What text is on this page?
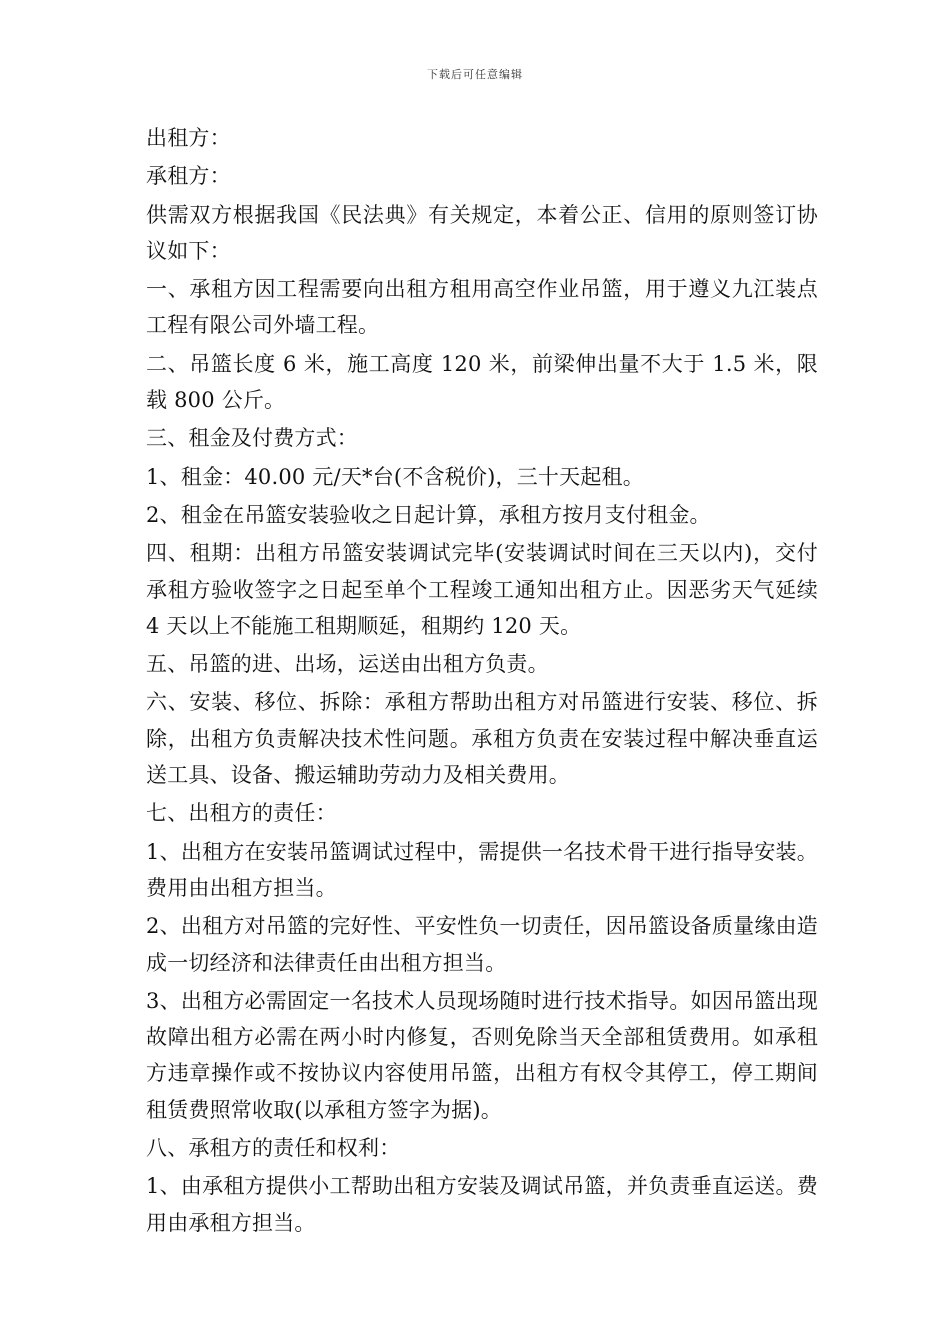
下载后可任意编辑

出租方：

承租方：

供需双方根据我国《民法典》有关规定，本着公正、信用的原则签订协议如下：

一、承租方因工程需要向出租方租用高空作业吊篮，用于遵义九江装点工程有限公司外墙工程。

二、吊篮长度 6 米，施工高度 120 米，前梁伸出量不大于 1.5 米，限载 800 公斤。

三、租金及付费方式：

1、租金：40.00 元/天*台(不含税价)，三十天起租。

2、租金在吊篮安装验收之日起计算，承租方按月支付租金。

四、租期：出租方吊篮安装调试完毕(安装调试时间在三天以内)，交付承租方验收签字之日起至单个工程竣工通知出租方止。因恶劣天气延续 4 天以上不能施工租期顺延，租期约 120 天。

五、吊篮的进、出场，运送由出租方负责。

六、安装、移位、拆除：承租方帮助出租方对吊篮进行安装、移位、拆除，出租方负责解决技术性问题。承租方负责在安装过程中解决垂直运送工具、设备、搬运辅助劳动力及相关费用。

七、出租方的责任：

1、出租方在安装吊篮调试过程中，需提供一名技术骨干进行指导安装。费用由出租方担当。

2、出租方对吊篮的完好性、平安性负一切责任，因吊篮设备质量缘由造成一切经济和法律责任由出租方担当。

3、出租方必需固定一名技术人员现场随时进行技术指导。如因吊篮出现故障出租方必需在两小时内修复，否则免除当天全部租赁费用。如承租方违章操作或不按协议内容使用吊篮，出租方有权令其停工，停工期间租赁费照常收取(以承租方签字为据)。

八、承租方的责任和权利：

1、由承租方提供小工帮助出租方安装及调试吊篮，并负责垂直运送。费用由承租方担当。
